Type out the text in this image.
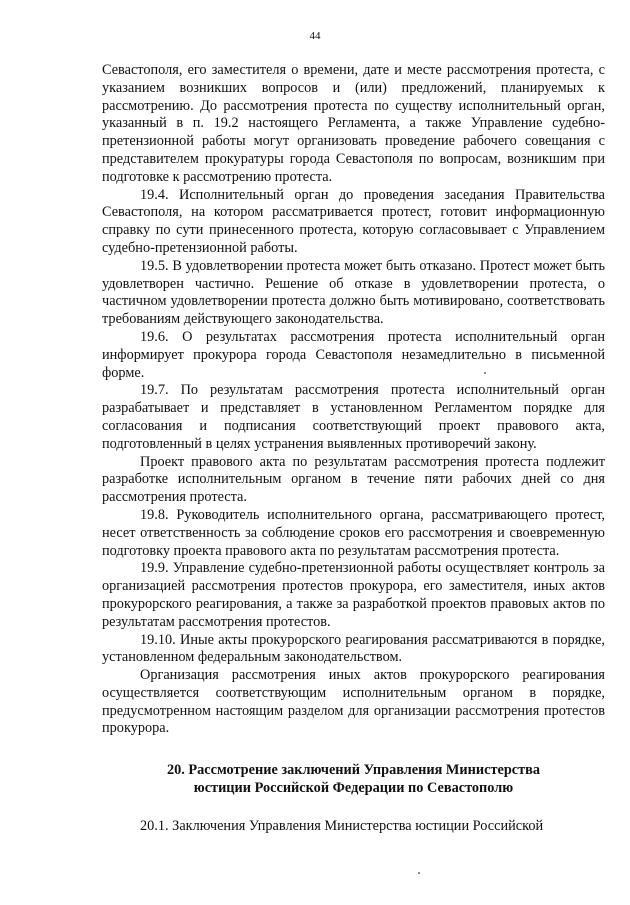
44

Севастополя, его заместителя о времени, дате и месте рассмотрения протеста, с указанием возникших вопросов и (или) предложений, планируемых к рассмотрению. До рассмотрения протеста по существу исполнительный орган, указанный в п. 19.2 настоящего Регламента, а также Управление судебно-претензионной работы могут организовать проведение рабочего совещания с представителем прокуратуры города Севастополя по вопросам, возникшим при подготовке к рассмотрению протеста.

19.4. Исполнительный орган до проведения заседания Правительства Севастополя, на котором рассматривается протест, готовит информационную справку по сути принесенного протеста, которую согласовывает с Управлением судебно-претензионной работы.

19.5. В удовлетворении протеста может быть отказано. Протест может быть удовлетворен частично. Решение об отказе в удовлетворении протеста, о частичном удовлетворении протеста должно быть мотивировано, соответствовать требованиям действующего законодательства.

19.6. О результатах рассмотрения протеста исполнительный орган информирует прокурора города Севастополя незамедлительно в письменной форме.

19.7. По результатам рассмотрения протеста исполнительный орган разрабатывает и представляет в установленном Регламентом порядке для согласования и подписания соответствующий проект правового акта, подготовленный в целях устранения выявленных противоречий закону.

Проект правового акта по результатам рассмотрения протеста подлежит разработке исполнительным органом в течение пяти рабочих дней со дня рассмотрения протеста.

19.8. Руководитель исполнительного органа, рассматривающего протест, несет ответственность за соблюдение сроков его рассмотрения и своевременную подготовку проекта правового акта по результатам рассмотрения протеста.

19.9. Управление судебно-претензионной работы осуществляет контроль за организацией рассмотрения протестов прокурора, его заместителя, иных актов прокурорского реагирования, а также за разработкой проектов правовых актов по результатам рассмотрения протестов.

19.10. Иные акты прокурорского реагирования рассматриваются в порядке, установленном федеральным законодательством.

Организация рассмотрения иных актов прокурорского реагирования осуществляется соответствующим исполнительным органом в порядке, предусмотренном настоящим разделом для организации рассмотрения протестов прокурора.

20. Рассмотрение заключений Управления Министерства
юстиции Российской Федерации по Севастополю

20.1. Заключения Управления Министерства юстиции Российской
